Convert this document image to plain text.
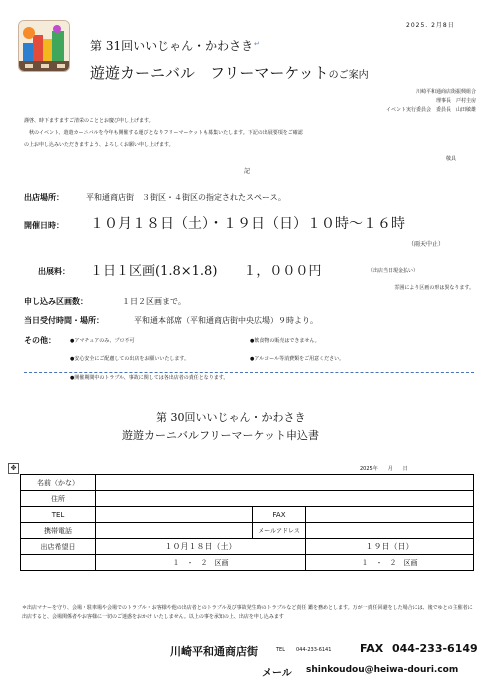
2025. 2月8日
第 31回いいじゃん・かわさき ↵
遊遊カーニバル　フリーマーケットのご案内
川崎平和通商店街振興組合
理事長　戸村圭房
イベント実行委員会　委員長　山田敏雄
謹啓、時下ますますご清栄のこととお慶び申し上げます。
　秋のイベント、遊遊カーニバルを今年も開催する運びとなりフリーマーケットも募集いたします。下記の出展要項をご確認
の上お申し込みいただきますよう、よろしくお願い申し上げます。
敬具
記
出店場所：	平和通商店街　３街区・４街区の指定されたスペース。
開催日時： １０月１８日（土）・１９日（日）１０時～１６時
（雨天中止）
出展料： １日１区画(1.8×1.8)　　１，０００円	（出店当日現金払い）
雰囲により区画の形は異なります。
申し込み区画数：	１日２区画まで。
当日受付時間・場所：	平和通本部席（平和通商店街中央広場）９時より。
その他：	●アマチュアのみ、プロ不可	●飲食物の販売はできません。
●安心安全にご配慮しての出店をお願いいたします。	●アルコール等消費類をご用意ください。
●開催期間中のトラブル、事故に関しては各出店者の責任となります。
第 30回いいじゃん・かわさき
遊遊カーニバルフリーマーケット申込書
2025年　　月　　日
✥
名前（かな）			
住所			
TEL		FAX	
携帯電話		メールアドレス	
出店希望日	１０月１８日（土）		１９日（日）
	１　・　２　区画		１　・　２　区画
＊出店マナーを守り、会場・駐車場や会場でのトラブル・お客様や他の出店者とのトラブル及び事故発生時のトラブルなど責任 鑑を務めとします。万が一責任回避をした場合には、後でゆとの主催者に出店すると、会場関係者やお客様に一切のご迷惑をおかけ いたしません。以上の事を承知の上、出店を申し込みます
川崎平和通商店街	TEL 044-233-6141	FAX 044-233-6149
メール shinkoudou@heiwa-douri.com
